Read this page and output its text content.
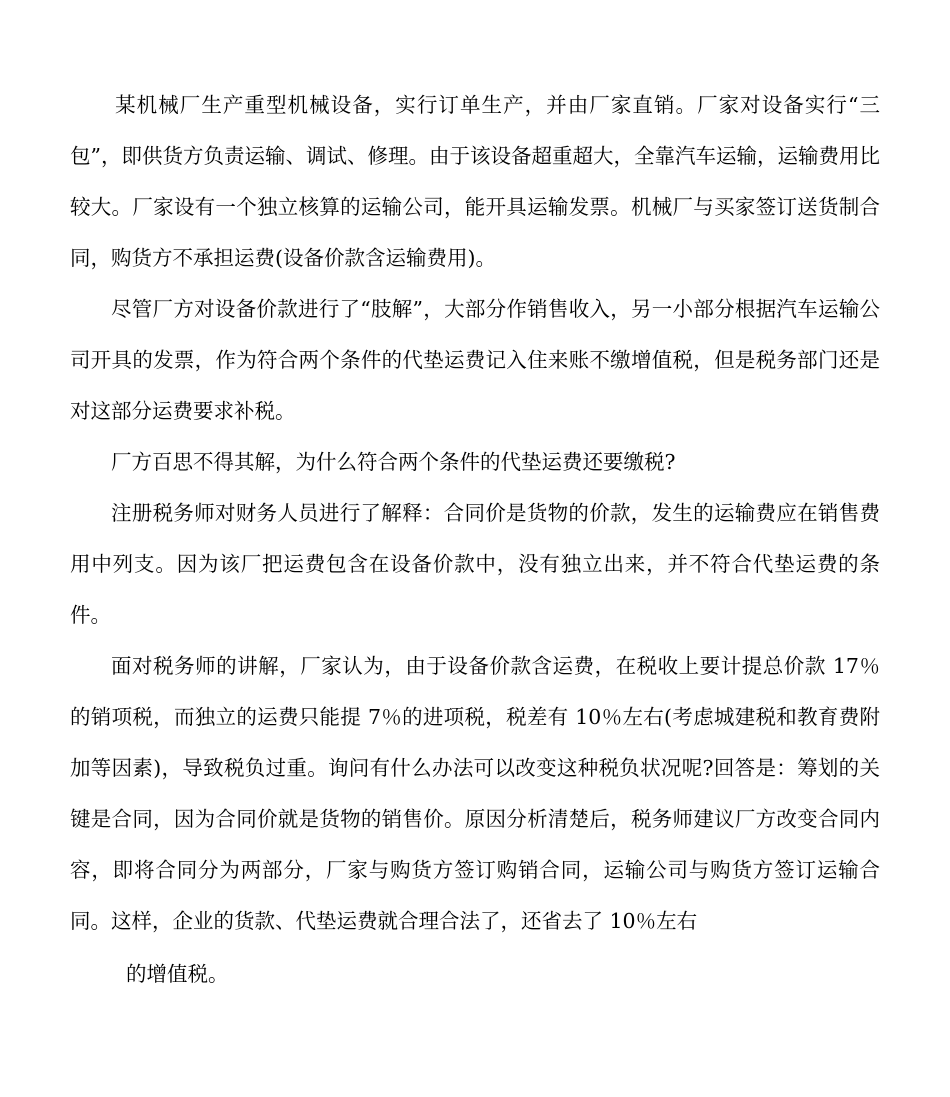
某机械厂生产重型机械设备，实行订单生产，并由厂家直销。厂家对设备实行“三包”，即供货方负责运输、调试、修理。由于该设备超重超大，全靠汽车运输，运输费用比较大。厂家设有一个独立核算的运输公司，能开具运输发票。机械厂与买家签订送货制合同，购货方不承担运费(设备价款含运输费用)。

尽管厂方对设备价款进行了“肢解”，大部分作销售收入，另一小部分根据汽车运输公司开具的发票，作为符合两个条件的代垫运费记入住来账不缴增值税，但是税务部门还是对这部分运费要求补税。

厂方百思不得其解，为什么符合两个条件的代垫运费还要缴税?

注册税务师对财务人员进行了解释：合同价是货物的价款，发生的运输费应在销售费用中列支。因为该厂把运费包含在设备价款中，没有独立出来，并不符合代垫运费的条件。

面对税务师的讲解，厂家认为，由于设备价款含运费，在税收上要计提总价款 17％的销项税，而独立的运费只能提 7％的进项税，税差有 10％左右(考虑城建税和教育费附加等因素)，导致税负过重。询问有什么办法可以改变这种税负状况呢?回答是：筹划的关键是合同，因为合同价就是货物的销售价。原因分析清楚后，税务师建议厂方改变合同内容，即将合同分为两部分，厂家与购货方签订购销合同，运输公司与购货方签订运输合同。这样，企业的货款、代垫运费就合理合法了，还省去了 10％左右

的增值税。
